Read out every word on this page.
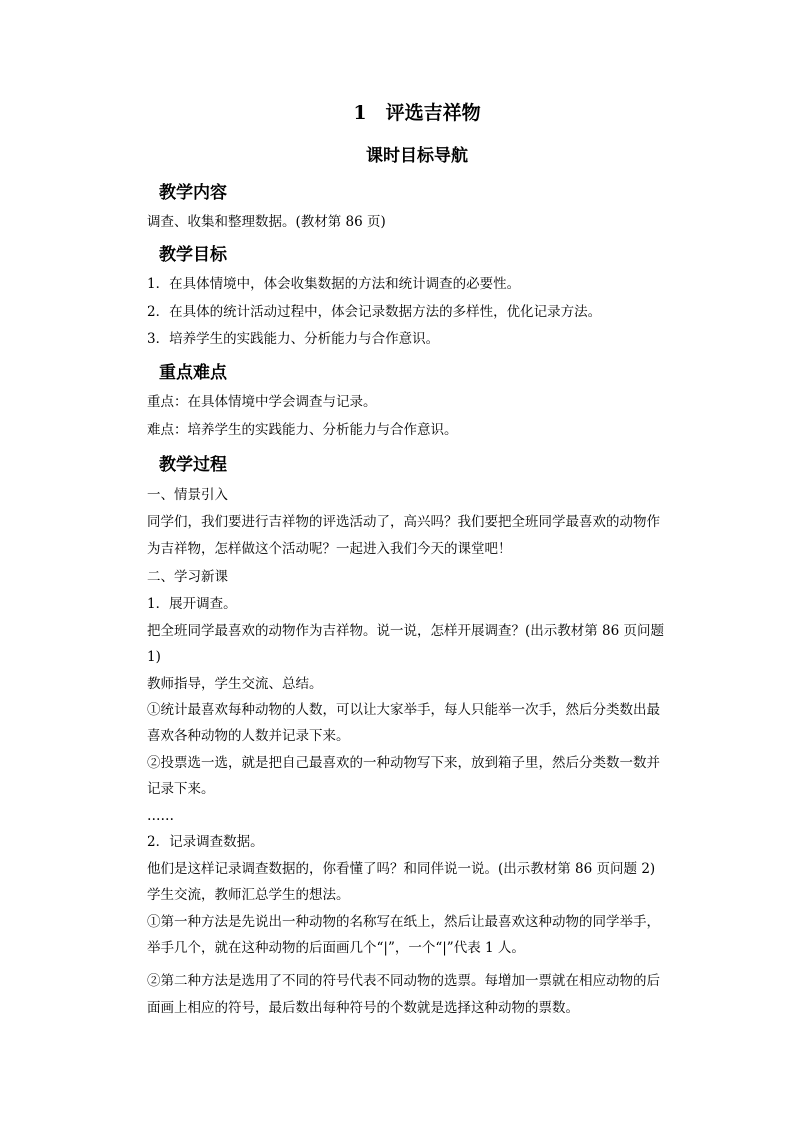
1　评选吉祥物
课时目标导航
教学内容
调查、收集和整理数据。(教材第 86 页)
教学目标
1．在具体情境中，体会收集数据的方法和统计调查的必要性。
2．在具体的统计活动过程中，体会记录数据方法的多样性，优化记录方法。
3．培养学生的实践能力、分析能力与合作意识。
重点难点
重点：在具体情境中学会调查与记录。
难点：培养学生的实践能力、分析能力与合作意识。
教学过程
一、情景引入
同学们，我们要进行吉祥物的评选活动了，高兴吗？我们要把全班同学最喜欢的动物作
为吉祥物，怎样做这个活动呢？一起进入我们今天的课堂吧！
二、学习新课
1．展开调查。
把全班同学最喜欢的动物作为吉祥物。说一说，怎样开展调查？(出示教材第 86 页问题
1)
教师指导，学生交流、总结。
①统计最喜欢每种动物的人数，可以让大家举手，每人只能举一次手，然后分类数出最
喜欢各种动物的人数并记录下来。
②投票选一选，就是把自己最喜欢的一种动物写下来，放到箱子里，然后分类数一数并
记录下来。
……
2．记录调查数据。
他们是这样记录调查数据的，你看懂了吗？和同伴说一说。(出示教材第 86 页问题 2)
学生交流，教师汇总学生的想法。
①第一种方法是先说出一种动物的名称写在纸上，然后让最喜欢这种动物的同学举手，
举手几个，就在这种动物的后面画几个“|”，一个“|”代表 1 人。
②第二种方法是选用了不同的符号代表不同动物的选票。每增加一票就在相应动物的后
面画上相应的符号，最后数出每种符号的个数就是选择这种动物的票数。
